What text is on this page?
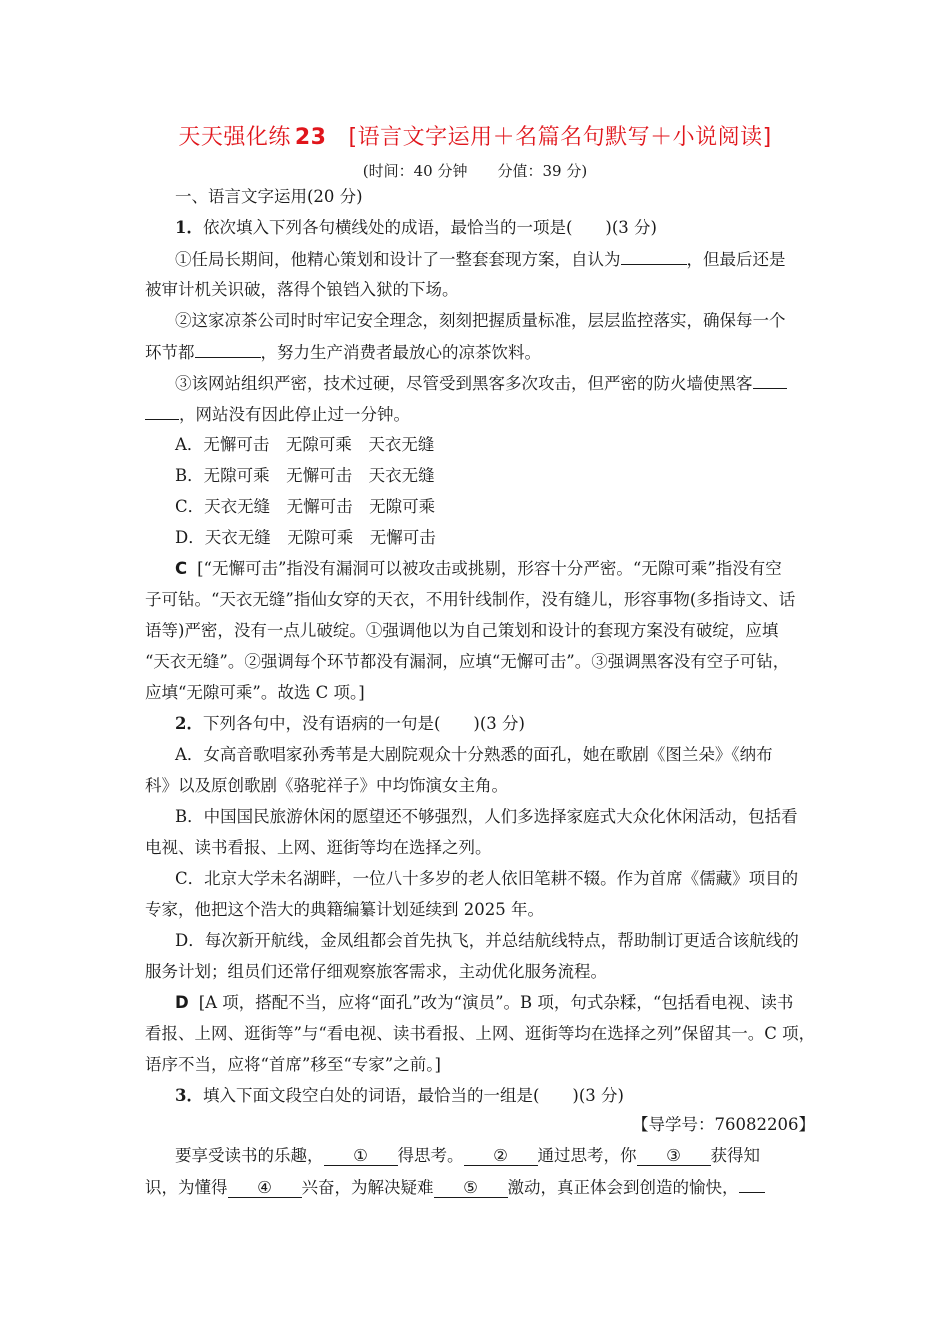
天天强化练 23 [语言文字运用＋名篇名句默写＋小说阅读]
(时间：40 分钟　　分值：39 分)
一、语言文字运用(20 分)
1．依次填入下列各句横线处的成语，最恰当的一项是(　　)(3 分)
①任局长期间，他精心策划和设计了一整套套现方案，自认为	，但最后还是
被审计机关识破，落得个锒铛入狱的下场。
②这家凉茶公司时时牢记安全理念，刻刻把握质量标准，层层监控落实，确保每一个
环节都	，努力生产消费者最放心的凉茶饮料。
③该网站组织严密，技术过硬，尽管受到黑客多次攻击，但严密的防火墙使黑客
，网站没有因此停止过一分钟。
A．无懈可击　无隙可乘　天衣无缝
B．无隙可乘　无懈可击　天衣无缝
C．天衣无缝　无懈可击　无隙可乘
D．天衣无缝　无隙可乘　无懈可击
C [“无懈可击”指没有漏洞可以被攻击或挑剔，形容十分严密。“无隙可乘”指没有空
子可钻。“天衣无缝”指仙女穿的天衣，不用针线制作，没有缝儿，形容事物(多指诗文、话
语等)严密，没有一点儿破绽。①强调他以为自己策划和设计的套现方案没有破绽，应填
“天衣无缝”。②强调每个环节都没有漏洞，应填“无懈可击”。③强调黑客没有空子可钻，
应填“无隙可乘”。故选 C 项。]
2．下列各句中，没有语病的一句是(　　)(3 分)
A．女高音歌唱家孙秀苇是大剧院观众十分熟悉的面孔，她在歌剧《图兰朵》《纳布
科》以及原创歌剧《骆驼祥子》中均饰演女主角。
B．中国国民旅游休闲的愿望还不够强烈，人们多选择家庭式大众化休闲活动，包括看
电视、读书看报、上网、逛街等均在选择之列。
C．北京大学未名湖畔，一位八十多岁的老人依旧笔耕不辍。作为首席《儒藏》项目的
专家，他把这个浩大的典籍编纂计划延续到 2025 年。
D．每次新开航线，金凤组都会首先执飞，并总结航线特点，帮助制订更适合该航线的
服务计划；组员们还常仔细观察旅客需求，主动优化服务流程。
D [A 项，搭配不当，应将“面孔”改为“演员”。B 项，句式杂糅，“包括看电视、读书
看报、上网、逛街等”与“看电视、读书看报、上网、逛街等均在选择之列”保留其一。C 项，
语序不当，应将“首席”移至“专家”之前。]
3．填入下面文段空白处的词语，最恰当的一组是(　　)(3 分)
【导学号：76082206】
要享受读书的乐趣， ① 得思考。 ② 通过思考，你 ③ 获得知
识，为懂得 ④ 兴奋，为解决疑难 ⑤ 激动，真正体会到创造的愉快，
